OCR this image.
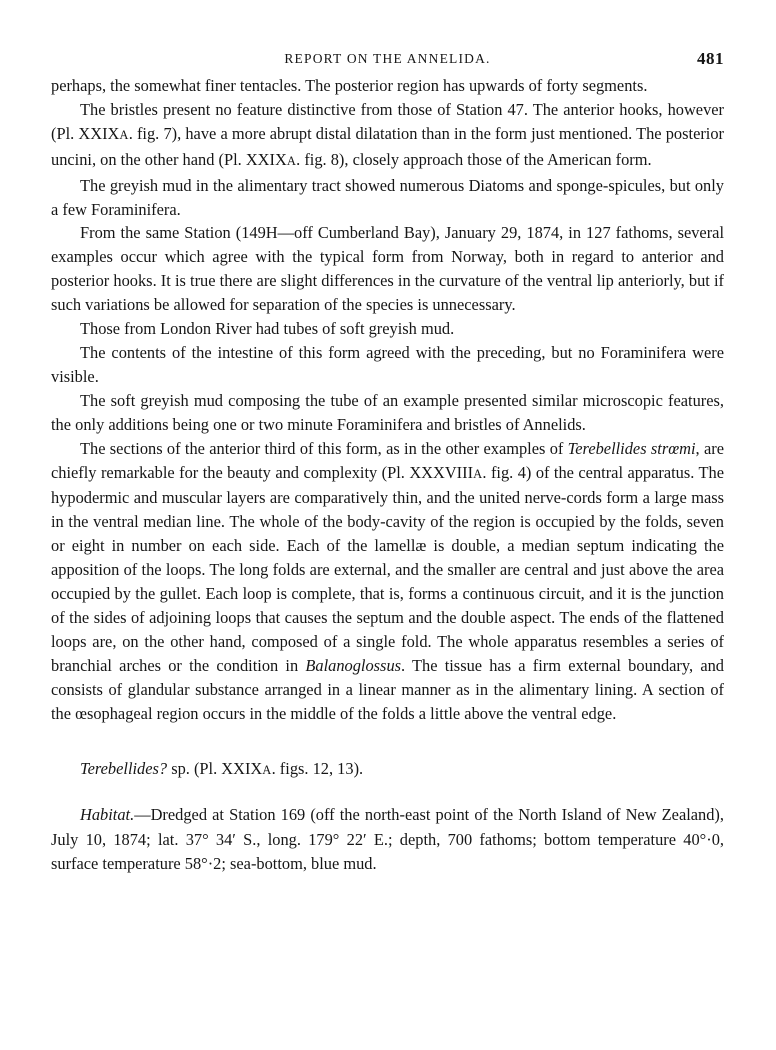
REPORT ON THE ANNELIDA.	481

perhaps, the somewhat finer tentacles. The posterior region has upwards of forty segments.

The bristles present no feature distinctive from those of Station 47. The anterior hooks, however (Pl. XXIXA. fig. 7), have a more abrupt distal dilatation than in the form just mentioned. The posterior uncini, on the other hand (Pl. XXIXA. fig. 8), closely approach those of the American form.

The greyish mud in the alimentary tract showed numerous Diatoms and sponge-spicules, but only a few Foraminifera.

From the same Station (149H—off Cumberland Bay), January 29, 1874, in 127 fathoms, several examples occur which agree with the typical form from Norway, both in regard to anterior and posterior hooks. It is true there are slight differences in the curvature of the ventral lip anteriorly, but if such variations be allowed for separation of the species is unnecessary.

Those from London River had tubes of soft greyish mud.

The contents of the intestine of this form agreed with the preceding, but no Foraminifera were visible.

The soft greyish mud composing the tube of an example presented similar microscopic features, the only additions being one or two minute Foraminifera and bristles of Annelids.

The sections of the anterior third of this form, as in the other examples of Terebellides strœmi, are chiefly remarkable for the beauty and complexity (Pl. XXXVIIIA. fig. 4) of the central apparatus. The hypodermic and muscular layers are comparatively thin, and the united nerve-cords form a large mass in the ventral median line. The whole of the body-cavity of the region is occupied by the folds, seven or eight in number on each side. Each of the lamellæ is double, a median septum indicating the apposition of the loops. The long folds are external, and the smaller are central and just above the area occupied by the gullet. Each loop is complete, that is, forms a continuous circuit, and it is the junction of the sides of adjoining loops that causes the septum and the double aspect. The ends of the flattened loops are, on the other hand, composed of a single fold. The whole apparatus resembles a series of branchial arches or the condition in Balanoglossus. The tissue has a firm external boundary, and consists of glandular substance arranged in a linear manner as in the alimentary lining. A section of the œsophageal region occurs in the middle of the folds a little above the ventral edge.

Terebellides? sp. (Pl. XXIXA. figs. 12, 13).

Habitat.—Dredged at Station 169 (off the north-east point of the North Island of New Zealand), July 10, 1874; lat. 37° 34′ S., long. 179° 22′ E.; depth, 700 fathoms; bottom temperature 40°·0, surface temperature 58°·2; sea-bottom, blue mud.
